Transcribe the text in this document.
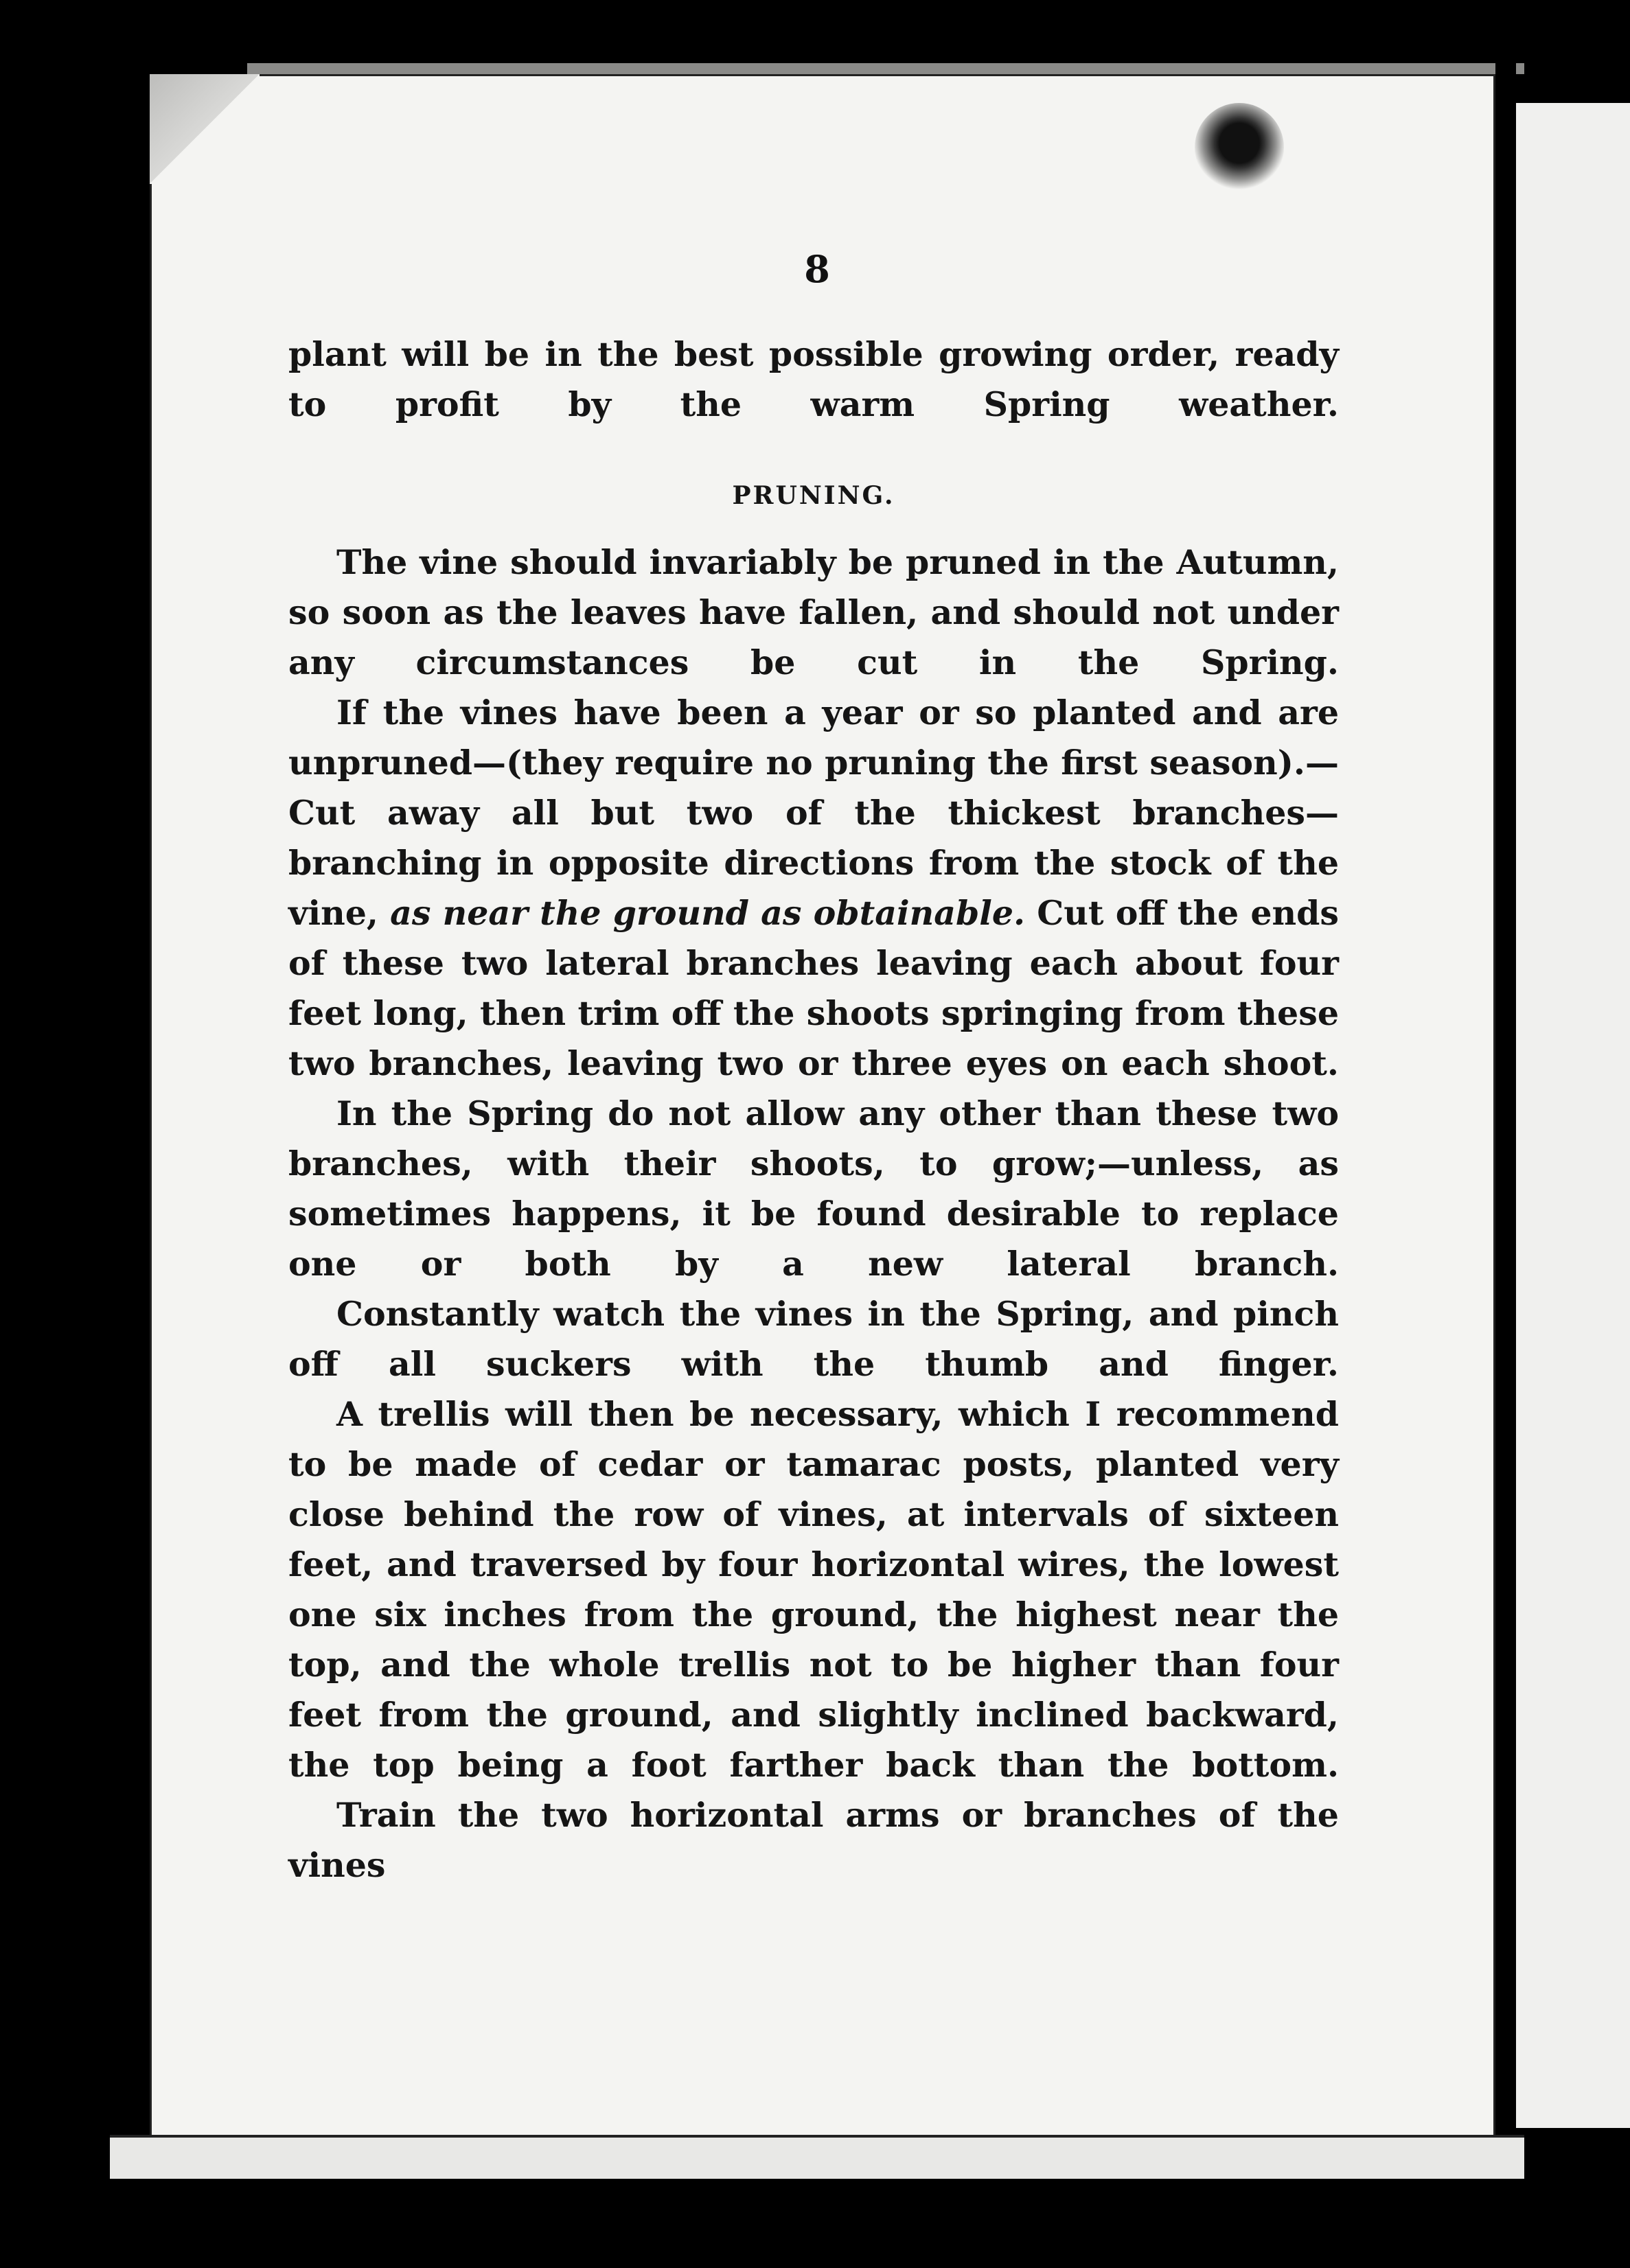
8

plant will be in the best possible growing order, ready to profit by the warm Spring weather.

PRUNING.

The vine should invariably be pruned in the Autumn, so soon as the leaves have fallen, and should not under any circumstances be cut in the Spring.

If the vines have been a year or so planted and are unpruned—(they require no pruning the first season).—Cut away all but two of the thickest branches—branching in opposite directions from the stock of the vine, as near the ground as obtainable. Cut off the ends of these two lateral branches leaving each about four feet long, then trim off the shoots springing from these two branches, leaving two or three eyes on each shoot.

In the Spring do not allow any other than these two branches, with their shoots, to grow;—unless, as sometimes happens, it be found desirable to replace one or both by a new lateral branch.

Constantly watch the vines in the Spring, and pinch off all suckers with the thumb and finger.

A trellis will then be necessary, which I recommend to be made of cedar or tamarac posts, planted very close behind the row of vines, at intervals of sixteen feet, and traversed by four horizontal wires, the lowest one six inches from the ground, the highest near the top, and the whole trellis not to be higher than four feet from the ground, and slightly inclined backward, the top being a foot farther back than the bottom.

Train the two horizontal arms or branches of the vines
